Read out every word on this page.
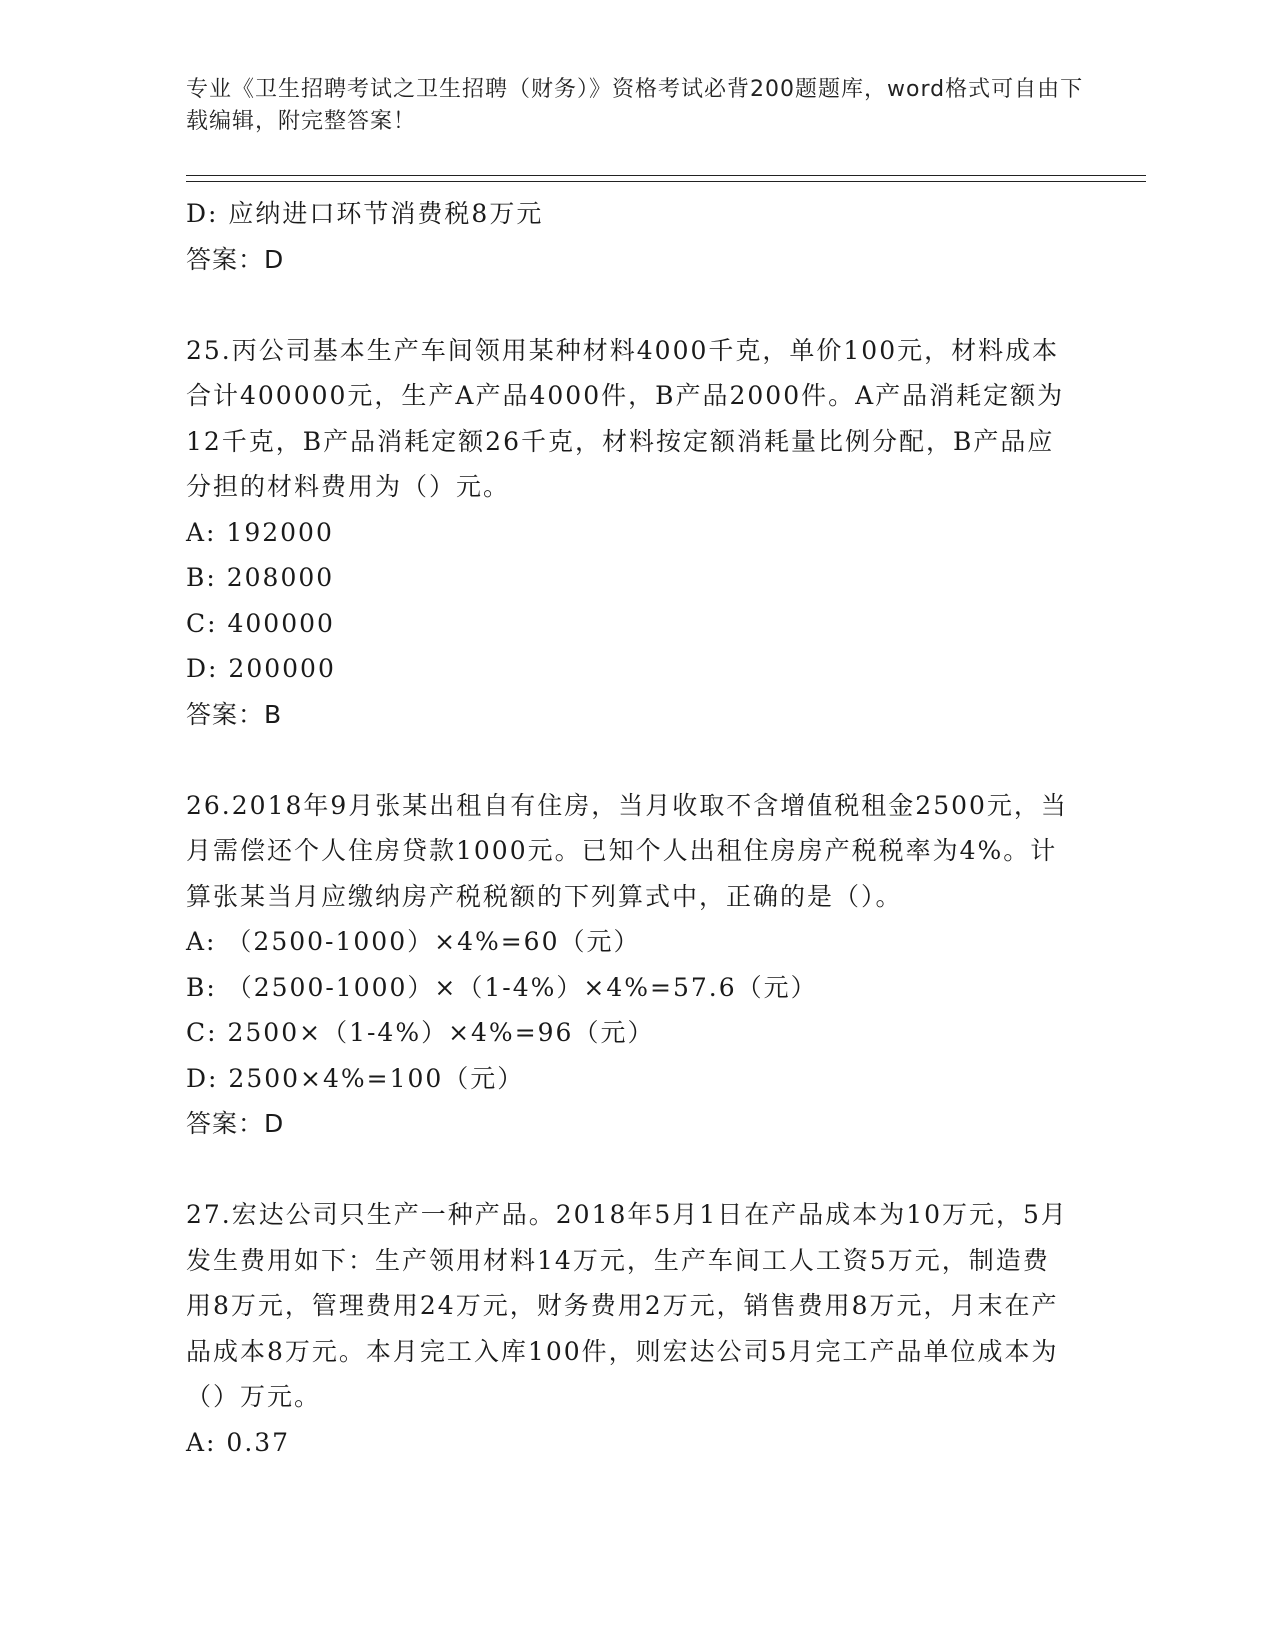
专业《卫生招聘考试之卫生招聘（财务）》资格考试必背200题题库，word格式可自由下载编辑，附完整答案！
D: 应纳进口环节消费税8万元
答案：D

25.丙公司基本生产车间领用某种材料4000千克，单价100元，材料成本合计400000元，生产A产品4000件，B产品2000件。A产品消耗定额为12千克，B产品消耗定额26千克，材料按定额消耗量比例分配，B产品应分担的材料费用为（）元。

A: 192000
B: 208000
C: 400000
D: 200000
答案：B

26.2018年9月张某出租自有住房，当月收取不含增值税租金2500元，当月需偿还个人住房贷款1000元。已知个人出租住房房产税税率为4%。计算张某当月应缴纳房产税税额的下列算式中，正确的是（）。

A: （2500-1000）×4%=60（元）
B: （2500-1000）×（1-4%）×4%=57.6（元）
C: 2500×（1-4%）×4%=96（元）
D: 2500×4%=100（元）
答案：D

27.宏达公司只生产一种产品。2018年5月1日在产品成本为10万元，5月发生费用如下：生产领用材料14万元，生产车间工人工资5万元，制造费用8万元，管理费用24万元，财务费用2万元，销售费用8万元，月末在产品成本8万元。本月完工入库100件，则宏达公司5月完工产品单位成本为（）万元。

A: 0.37
